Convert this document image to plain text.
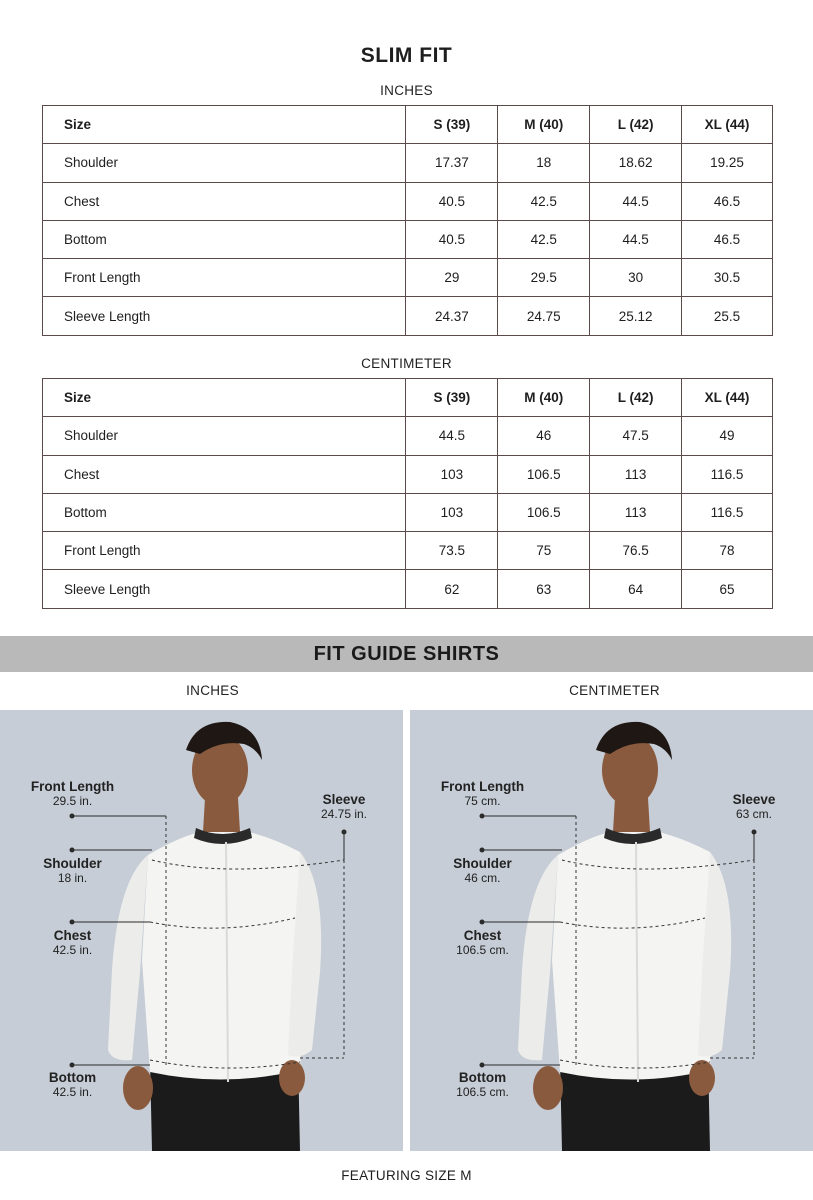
SLIM FIT
INCHES
Size	S (39)	M (40)	L (42)	XL (44)
Shoulder	17.37	18	18.62	19.25
Chest	40.5	42.5	44.5	46.5
Bottom	40.5	42.5	44.5	46.5
Front Length	29	29.5	30	30.5
Sleeve Length	24.37	24.75	25.12	25.5
CENTIMETER
Size	S (39)	M (40)	L (42)	XL (44)
Shoulder	44.5	46	47.5	49
Chest	103	106.5	113	116.5
Bottom	103	106.5	113	116.5
Front Length	73.5	75	76.5	78
Sleeve Length	62	63	64	65
FIT GUIDE SHIRTS
INCHES	CENTIMETER
Front Length
29.5 in.
Shoulder
18 in.
Chest
42.5 in.
Bottom
42.5 in.
Sleeve
24.75 in.
Front Length
75 cm.
Shoulder
46 cm.
Chest
106.5 cm.
Bottom
106.5 cm.
Sleeve
63 cm.
FEATURING SIZE M
